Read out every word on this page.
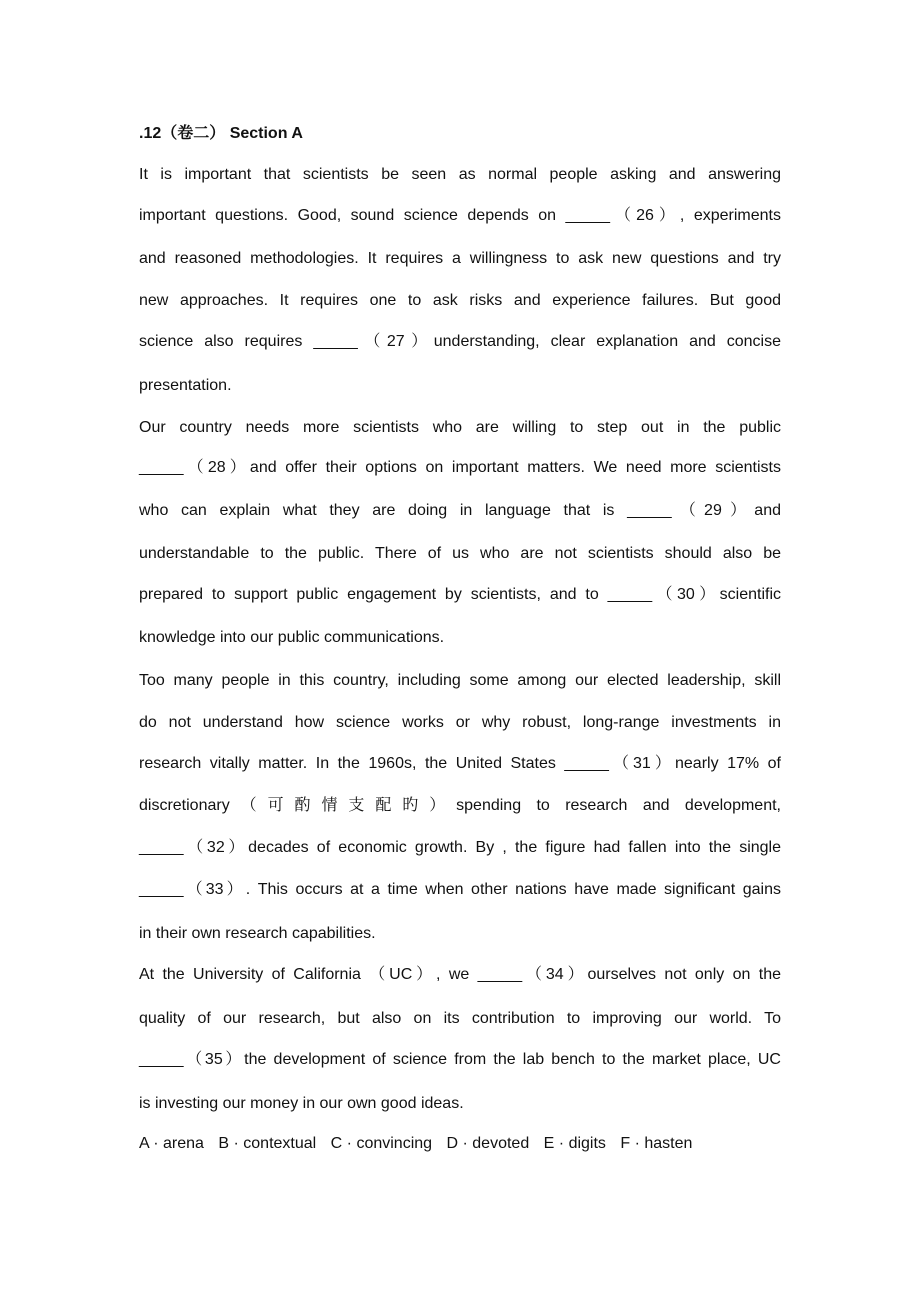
.12（卷二） Section A
It is important that scientists be seen as normal people asking and answering
important questions. Good, sound science depends on _____（26）, experiments
and reasoned methodologies. It requires a willingness to ask new questions and try
new approaches. It requires one to ask risks and experience failures. But good
science also requires _____（27）understanding, clear explanation and concise
presentation.
Our country needs more scientists who are willing to step out in the public
_____（28）and offer their options on important matters. We need more scientists
who can explain what they are doing in language that is _____（29）and
understandable to the public. There of us who are not scientists should also be
prepared to support public engagement by scientists, and to _____（30）scientific
knowledge into our public communications.
Too many people in this country, including some among our elected leadership, skill
do not understand how science works or why robust, long-range investments in
research vitally matter. In the 1960s, the United States _____（31）nearly 17% of
discretionary（可酌情支配旳）spending to research and development,
_____（32）decades of economic growth. By , the figure had fallen into the single
_____（33）. This occurs at a time when other nations have made significant gains
in their own research capabilities.
At the University of California （UC）, we _____（34）ourselves not only on the
quality of our research, but also on its contribution to improving our world. To
_____（35）the development of science from the lab bench to the market place, UC
is investing our money in our own good ideas.
A · arena B · contextual C · convincing D · devoted E · digits F · hasten
